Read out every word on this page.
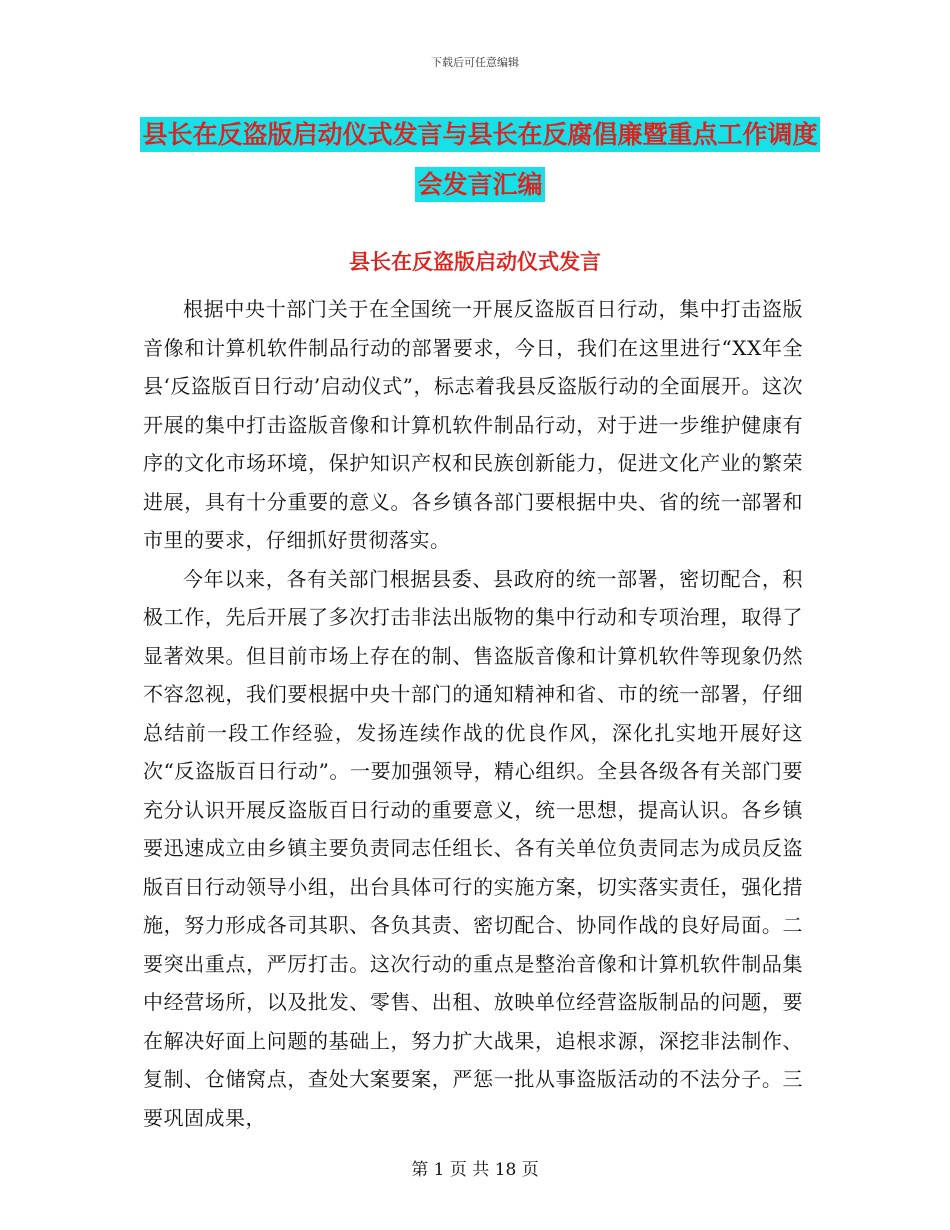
下载后可任意编辑
县长在反盗版启动仪式发言与县长在反腐倡廉暨重点工作调度会发言汇编
县长在反盗版启动仪式发言

根据中央十部门关于在全国统一开展反盗版百日行动，集中打击盗版音像和计算机软件制品行动的部署要求，今日，我们在这里进行“XX年全县‘反盗版百日行动’启动仪式”，标志着我县反盗版行动的全面展开。这次开展的集中打击盗版音像和计算机软件制品行动，对于进一步维护健康有序的文化市场环境，保护知识产权和民族创新能力，促进文化产业的繁荣进展，具有十分重要的意义。各乡镇各部门要根据中央、省的统一部署和市里的要求，仔细抓好贯彻落实。

今年以来，各有关部门根据县委、县政府的统一部署，密切配合，积极工作，先后开展了多次打击非法出版物的集中行动和专项治理，取得了显著效果。但目前市场上存在的制、售盗版音像和计算机软件等现象仍然不容忽视，我们要根据中央十部门的通知精神和省、市的统一部署，仔细总结前一段工作经验，发扬连续作战的优良作风，深化扎实地开展好这次“反盗版百日行动”。一要加强领导，精心组织。全县各级各有关部门要充分认识开展反盗版百日行动的重要意义，统一思想，提高认识。各乡镇要迅速成立由乡镇主要负责同志任组长、各有关单位负责同志为成员反盗版百日行动领导小组，出台具体可行的实施方案，切实落实责任，强化措施，努力形成各司其职、各负其责、密切配合、协同作战的良好局面。二要突出重点，严厉打击。这次行动的重点是整治音像和计算机软件制品集中经营场所，以及批发、零售、出租、放映单位经营盗版制品的问题，要在解决好面上问题的基础上，努力扩大战果，追根求源，深挖非法制作、复制、仓储窝点，查处大案要案，严惩一批从事盗版活动的不法分子。三要巩固成果，

第 1 页 共 18 页
